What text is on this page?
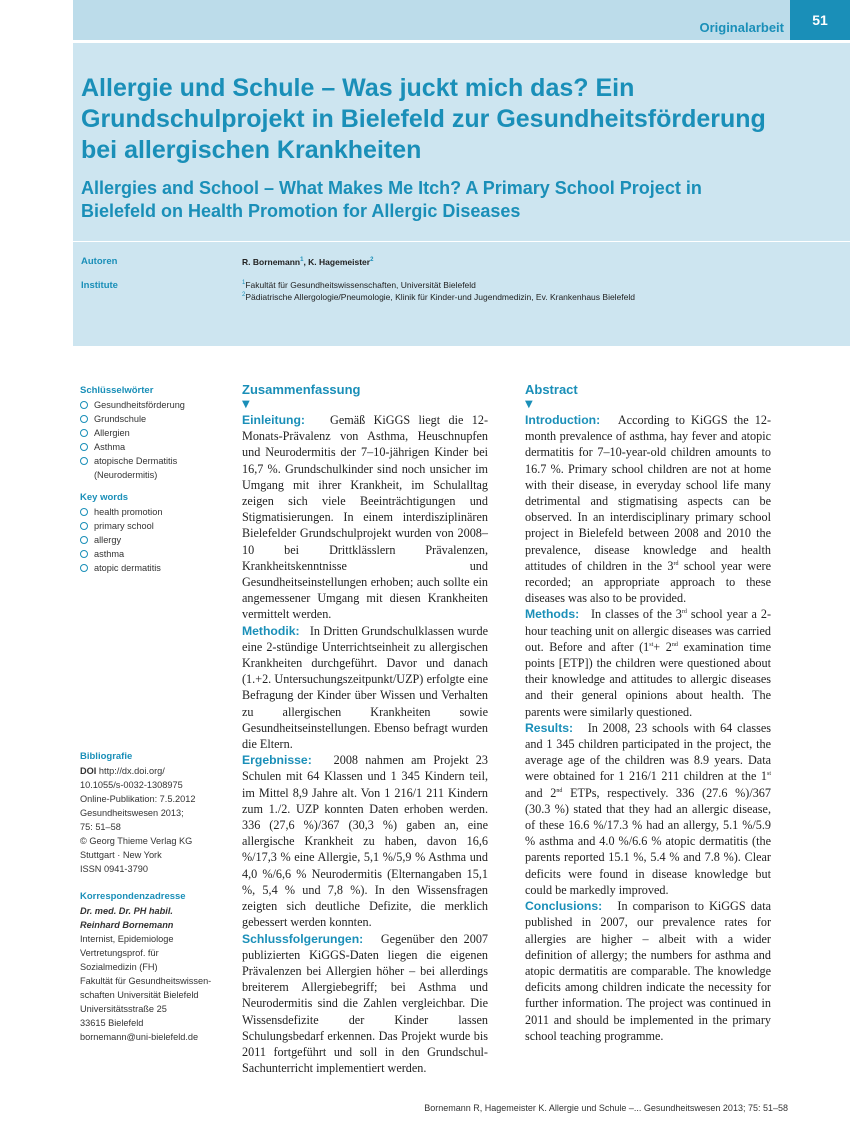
Originalarbeit	51
Allergie und Schule – Was juckt mich das? Ein Grundschulprojekt in Bielefeld zur Gesundheitsförderung bei allergischen Krankheiten
Allergies and School – What Makes Me Itch? A Primary School Project in Bielefeld on Health Promotion for Allergic Diseases
Autoren	R. Bornemann$^1$, K. Hagemeister$^2$
Institute	$^1$Fakultät für Gesundheitswissenschaften, Universität Bielefeld
$^2$Pädiatrische Allergologie/Pneumologie, Klinik für Kinder-und Jugendmedizin, Ev. Krankenhaus Bielefeld
Schlüsselwörter
Gesundheitsförderung
Grundschule
Allergien
Asthma
atopische Dermatitis (Neurodermitis)
Key words
health promotion
primary school
allergy
asthma
atopic dermatitis
Bibliografie
DOI http://dx.doi.org/
10.1055/s-0032-1308975
Online-Publikation: 7.5.2012
Gesundheitswesen 2013;
75: 51–58
© Georg Thieme Verlag KG
Stuttgart · New York
ISSN 0941-3790
Korrespondenzadresse
Dr. med. Dr. PH habil.
Reinhard Bornemann
Internist, Epidemiologe
Vertretungsprof. für
Sozialmedizin (FH)
Fakultät für Gesundheitswissen-
schaften Universität Bielefeld
Universitätsstraße 25
33615 Bielefeld
bornemann@uni-bielefeld.de
Zusammenfassung
▼

Einleitung: Gemäß KiGGS liegt die 12-Monats-Prävalenz von Asthma, Heuschnupfen und Neurodermitis der 7–10-jährigen Kinder bei 16,7 %. Grundschulkinder sind noch unsicher im Umgang mit ihrer Krankheit, im Schulalltag zeigen sich viele Beeinträchtigungen und Stigmatisierungen. In einem interdisziplinären Bielefelder Grundschulprojekt wurden von 2008–10 bei Drittklässlern Prävalenzen, Krankheitskenntnisse und Gesundheitseinstellungen erhoben; auch sollte ein angemessener Umgang mit diesen Krankheiten vermittelt werden.

Methodik: In Dritten Grundschulklassen wurde eine 2-stündige Unterrichtseinheit zu allergischen Krankheiten durchgeführt. Davor und danach (1.+2. Untersuchungszeitpunkt/UZP) erfolgte eine Befragung der Kinder über Wissen und Verhalten zu allergischen Krankheiten sowie Gesundheitseinstellungen. Ebenso befragt wurden die Eltern.

Ergebnisse: 2008 nahmen am Projekt 23 Schulen mit 64 Klassen und 1 345 Kindern teil, im Mittel 8,9 Jahre alt. Von 1 216/1 211 Kindern zum 1./2. UZP konnten Daten erhoben werden. 336 (27,6 %)/367 (30,3 %) gaben an, eine allergische Krankheit zu haben, davon 16,6 %/17,3 % eine Allergie, 5,1 %/5,9 % Asthma und 4,0 %/6,6 % Neurodermitis (Elternangaben 15,1 %, 5,4 % und 7,8 %). In den Wissensfragen zeigten sich deutliche Defizite, die merklich gebessert werden konnten.

Schlussfolgerungen: Gegenüber den 2007 publizierten KiGGS-Daten liegen die eigenen Prävalenzen bei Allergien höher – bei allerdings breiterem Allergiebegriff; bei Asthma und Neurodermitis sind die Zahlen vergleichbar. Die Wissensdefizite der Kinder lassen Schulungsbedarf erkennen. Das Projekt wurde bis 2011 fortgeführt und soll in den Grundschul-Sachunterricht implementiert werden.

Abstract
▼

Introduction: According to KiGGS the 12-month prevalence of asthma, hay fever and atopic dermatitis for 7–10-year-old children amounts to 16.7 %. Primary school children are not at home with their disease, in everyday school life many detrimental and stigmatising aspects can be observed. In an interdisciplinary primary school project in Bielefeld between 2008 and 2010 the prevalence, disease knowledge and health attitudes of children in the 3rd school year were recorded; an appropriate approach to these diseases was also to be provided.

Methods: In classes of the 3rd school year a 2-hour teaching unit on allergic diseases was carried out. Before and after (1st+ 2nd examination time points [ETP]) the children were questioned about their knowledge and attitudes to allergic diseases and their general opinions about health. The parents were similarly questioned.

Results: In 2008, 23 schools with 64 classes and 1 345 children participated in the project, the average age of the children was 8.9 years. Data were obtained for 1 216/1 211 children at the 1st and 2nd ETPs, respectively. 336 (27.6 %)/367 (30.3 %) stated that they had an allergic disease, of these 16.6 %/17.3 % had an allergy, 5.1 %/5.9 % asthma and 4.0 %/6.6 % atopic dermatitis (the parents reported 15.1 %, 5.4 % and 7.8 %). Clear deficits were found in disease knowledge but could be markedly improved.

Conclusions: In comparison to KiGGS data published in 2007, our prevalence rates for allergies are higher – albeit with a wider definition of allergy; the numbers for asthma and atopic dermatitis are comparable. The knowledge deficits among children indicate the necessity for further information. The project was continued in 2011 and should be implemented in the primary school teaching programme.

Bornemann R, Hagemeister K. Allergie und Schule –... Gesundheitswesen 2013; 75: 51–58
